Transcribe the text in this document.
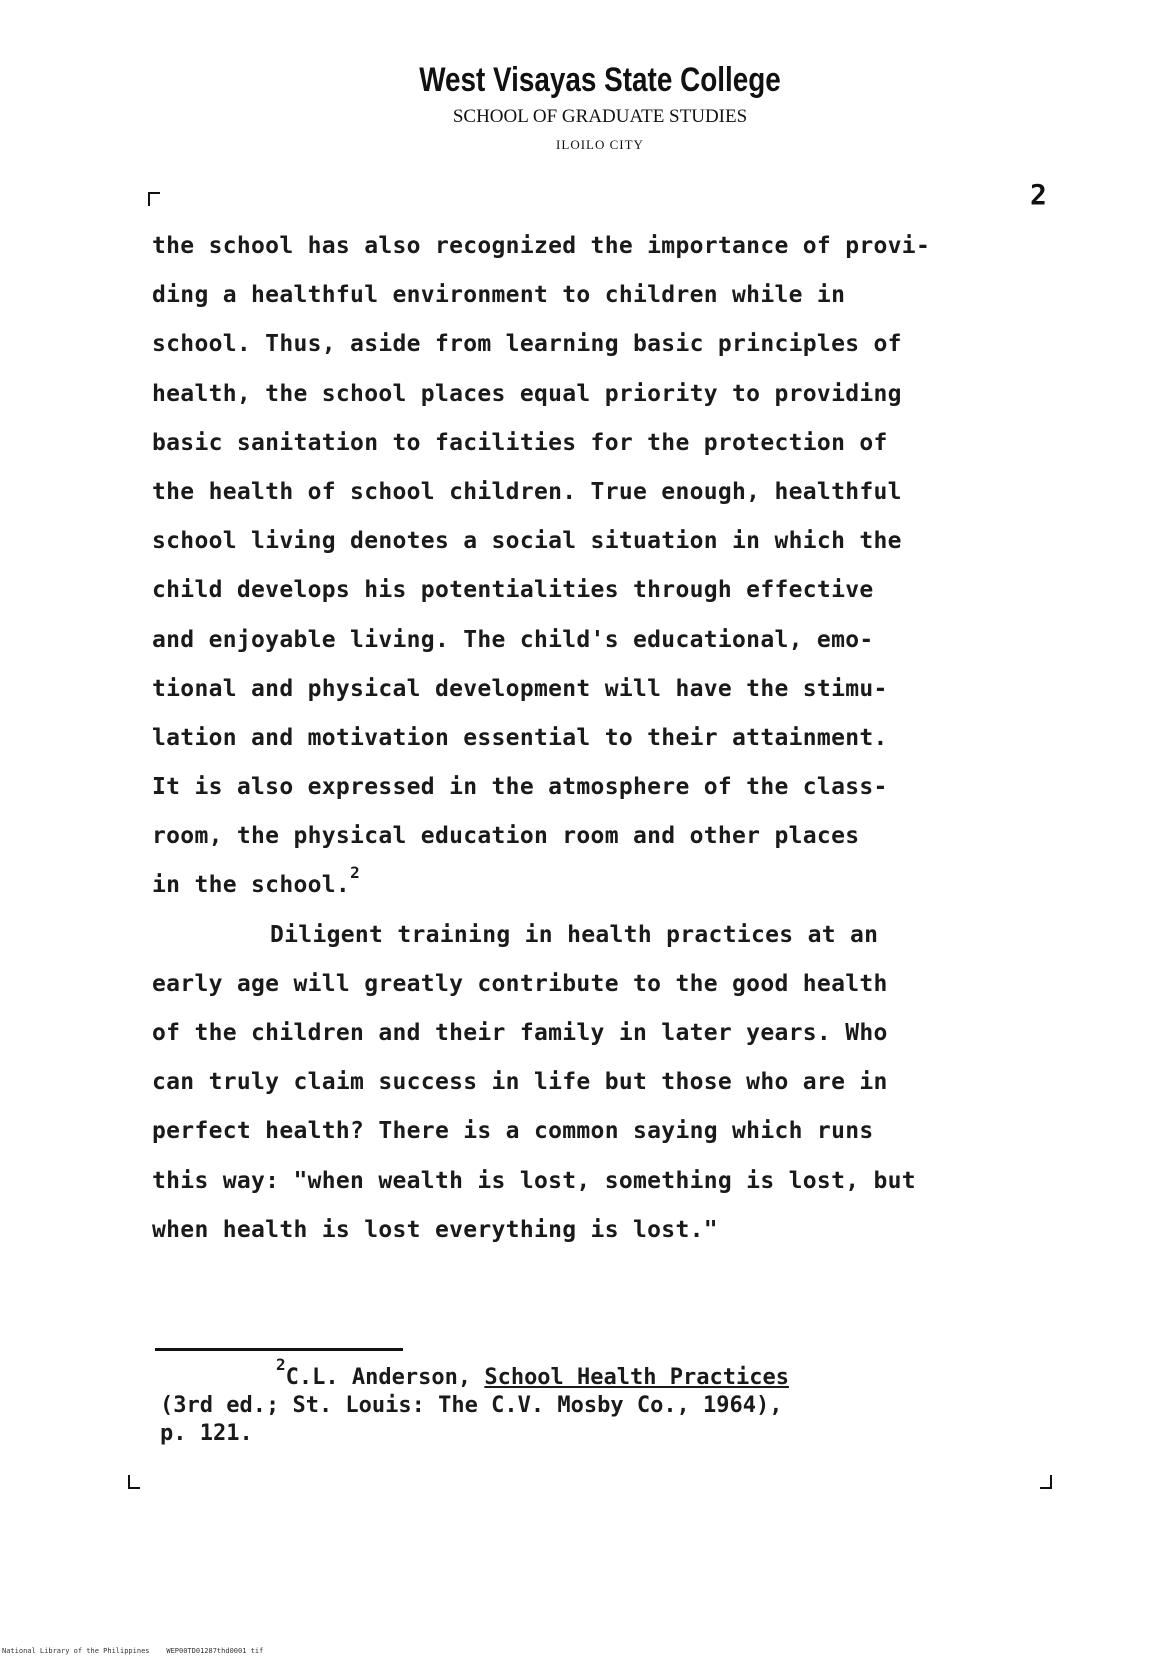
West Visayas State College
SCHOOL OF GRADUATE STUDIES
ILOILO CITY
2
the school has also recognized the importance of provi-
ding a healthful environment to children while in
school. Thus, aside from learning basic principles of
health, the school places equal priority to providing
basic sanitation to facilities for the protection of
the health of school children. True enough, healthful
school living denotes a social situation in which the
child develops his potentialities through effective
and enjoyable living. The child's educational, emo-
tional and physical development will have the stimu-
lation and motivation essential to their attainment.
It is also expressed in the atmosphere of the class-
room, the physical education room and other places
in the school.$^2$
Diligent training in health practices at an
early age will greatly contribute to the good health
of the children and their family in later years. Who
can truly claim success in life but those who are in
perfect health? There is a common saying which runs
this way: "when wealth is lost, something is lost, but
when health is lost everything is lost."
$^2$C.L. Anderson, School Health Practices
(3rd ed.; St. Louis: The C.V. Mosby Co., 1964),
p. 121.
National Library of the Philippines    WEP00TD01287thd0001 tif
